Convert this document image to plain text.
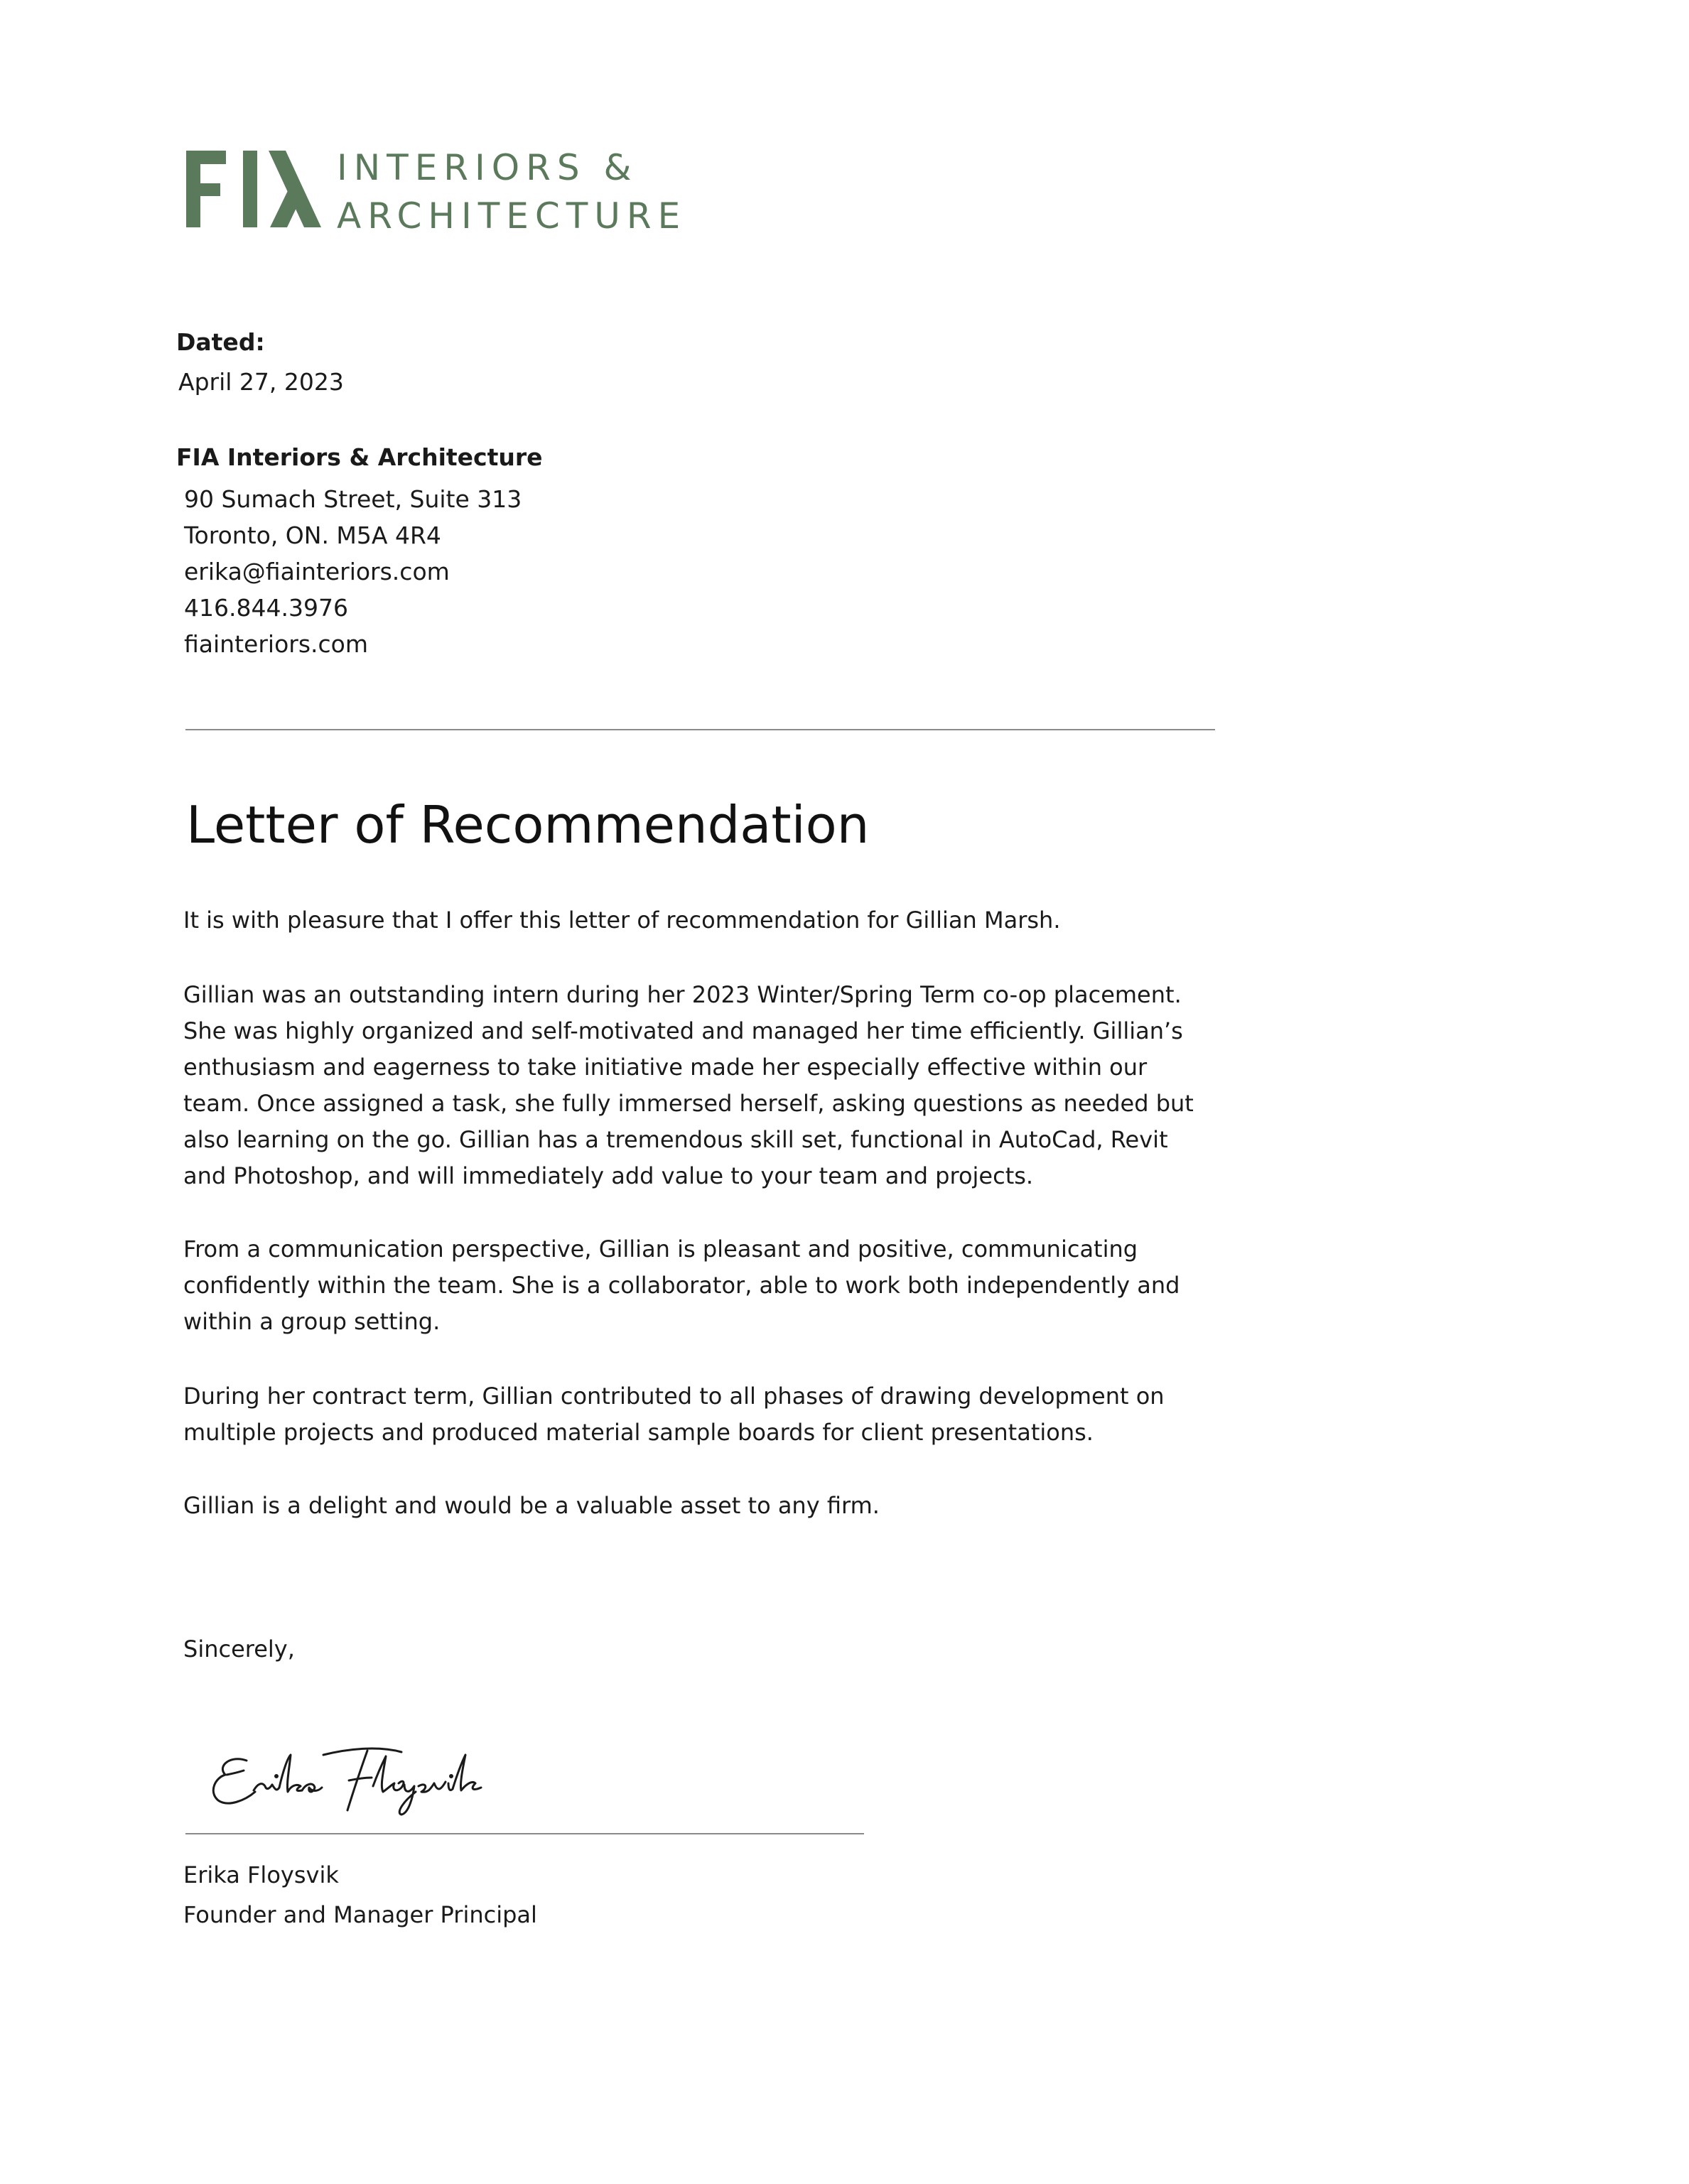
INTERIORS &
ARCHITECTURE
Dated:
April 27, 2023
FIA Interiors & Architecture
90 Sumach Street, Suite 313
Toronto, ON. M5A 4R4
erika@fiainteriors.com
416.844.3976
fiainteriors.com
Letter of Recommendation

It is with pleasure that I offer this letter of recommendation for Gillian Marsh.

Gillian was an outstanding intern during her 2023 Winter/Spring Term co-op placement.
She was highly organized and self-motivated and managed her time efficiently. Gillian’s
enthusiasm and eagerness to take initiative made her especially effective within our
team. Once assigned a task, she fully immersed herself, asking questions as needed but
also learning on the go. Gillian has a tremendous skill set, functional in AutoCad, Revit
and Photoshop, and will immediately add value to your team and projects.

From a communication perspective, Gillian is pleasant and positive, communicating
confidently within the team. She is a collaborator, able to work both independently and
within a group setting.

During her contract term, Gillian contributed to all phases of drawing development on
multiple projects and produced material sample boards for client presentations.

Gillian is a delight and would be a valuable asset to any firm.

Sincerely,
Erika Floysvik
Founder and Manager Principal
